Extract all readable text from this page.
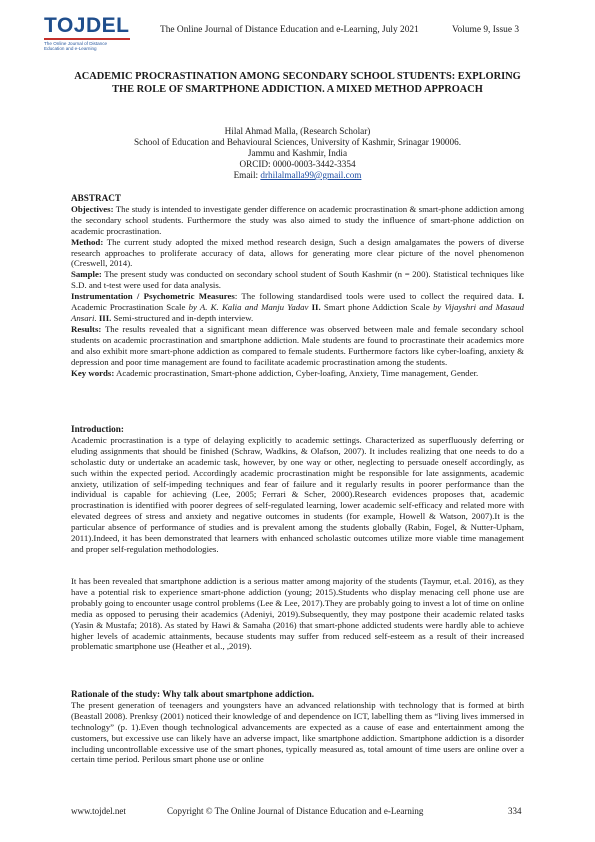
TOJDEL
The Online Journal of Distance
Education and e-Learning
The Online Journal of Distance Education and e-Learning, July 2021	Volume 9, Issue 3
ACADEMIC PROCRASTINATION AMONG SECONDARY SCHOOL STUDENTS: EXPLORING THE ROLE OF SMARTPHONE ADDICTION. A MIXED METHOD APPROACH
Hilal Ahmad Malla, (Research Scholar)
School of Education and Behavioural Sciences, University of Kashmir, Srinagar 190006.
Jammu and Kashmir, India
ORCID: 0000-0003-3442-3354
Email: drhilalmalla99@gmail.com

ABSTRACT

Objectives: The study is intended to investigate gender difference on academic procrastination & smart-phone addiction among the secondary school students. Furthermore the study was also aimed to study the influence of smart-phone addiction on academic procrastination.

Method: The current study adopted the mixed method research design, Such a design amalgamates the powers of diverse research approaches to proliferate accuracy of data, allows for generating more clear picture of the novel phenomenon (Creswell, 2014).

Sample: The present study was conducted on secondary school student of South Kashmir (n = 200). Statistical techniques like S.D. and t-test were used for data analysis.

Instrumentation / Psychometric Measures: The following standardised tools were used to collect the required data. I. Academic Procrastination Scale by A. K. Kalia and Manju Yadav II. Smart phone Addiction Scale by Vijayshri and Masaud Ansari. III. Semi-structured and in-depth interview.

Results: The results revealed that a significant mean difference was observed between male and female secondary school students on academic procrastination and smartphone addiction. Male students are found to procrastinate their academics more and also exhibit more smart-phone addiction as compared to female students. Furthermore factors like cyber-loafing, anxiety & depression and poor time management are found to facilitate academic procrastination among the students.

Key words: Academic procrastination, Smart-phone addiction, Cyber-loafing, Anxiety, Time management, Gender.

Introduction:

Academic procrastination is a type of delaying explicitly to academic settings. Characterized as superfluously deferring or eluding assignments that should be finished (Schraw, Wadkins, & Olafson, 2007). It includes realizing that one needs to do a scholastic duty or undertake an academic task, however, by one way or other, neglecting to persuade oneself accordingly, as such within the expected period. Accordingly academic procrastination might be responsible for late assignments, academic anxiety, utilization of self-impeding techniques and fear of failure and it regularly results in poorer performance than the individual is capable for achieving (Lee, 2005; Ferrari & Scher, 2000).Research evidences proposes that, academic procrastination is identified with poorer degrees of self-regulated learning, lower academic self-efficacy and related more with elevated degrees of stress and anxiety and negative outcomes in students (for example, Howell & Watson, 2007).It is the particular absence of performance of studies and is prevalent among the students globally (Rabin, Fogel, & Nutter-Upham, 2011).Indeed, it has been demonstrated that learners with enhanced scholastic outcomes utilize more viable time management and proper self-regulation methodologies.

It has been revealed that smartphone addiction is a serious matter among majority of the students (Taymur, et.al. 2016), as they have a potential risk to experience smart-phone addiction (young; 2015).Students who display menacing cell phone use are probably going to encounter usage control problems (Lee & Lee, 2017).They are probably going to invest a lot of time on online media as opposed to perusing their academics (Adeniyi, 2019).Subsequently, they may postpone their academic related tasks (Yasin & Mustafa; 2018). As stated by Hawi & Samaha (2016) that smart-phone addicted students were hardly able to achieve higher levels of academic attainments, because students may suffer from reduced self-esteem as a result of their increased problematic smartphone use (Heather et al., ,2019).

Rationale of the study: Why talk about smartphone addiction.

The present generation of teenagers and youngsters have an advanced relationship with technology that is formed at birth (Beastall 2008). Prenksy (2001) noticed their knowledge of and dependence on ICT, labelling them as “living lives immersed in technology” (p. 1).Even though technological advancements are expected as a cause of ease and entertainment among the customers, but excessive use can likely have an adverse impact, like smartphone addiction. Smartphone addiction is a disorder including uncontrollable excessive use of the smart phones, typically measured as, total amount of time users are online over a certain time period. Perilous smart phone use or online

www.tojdel.net	Copyright © The Online Journal of Distance Education and e-Learning	334
